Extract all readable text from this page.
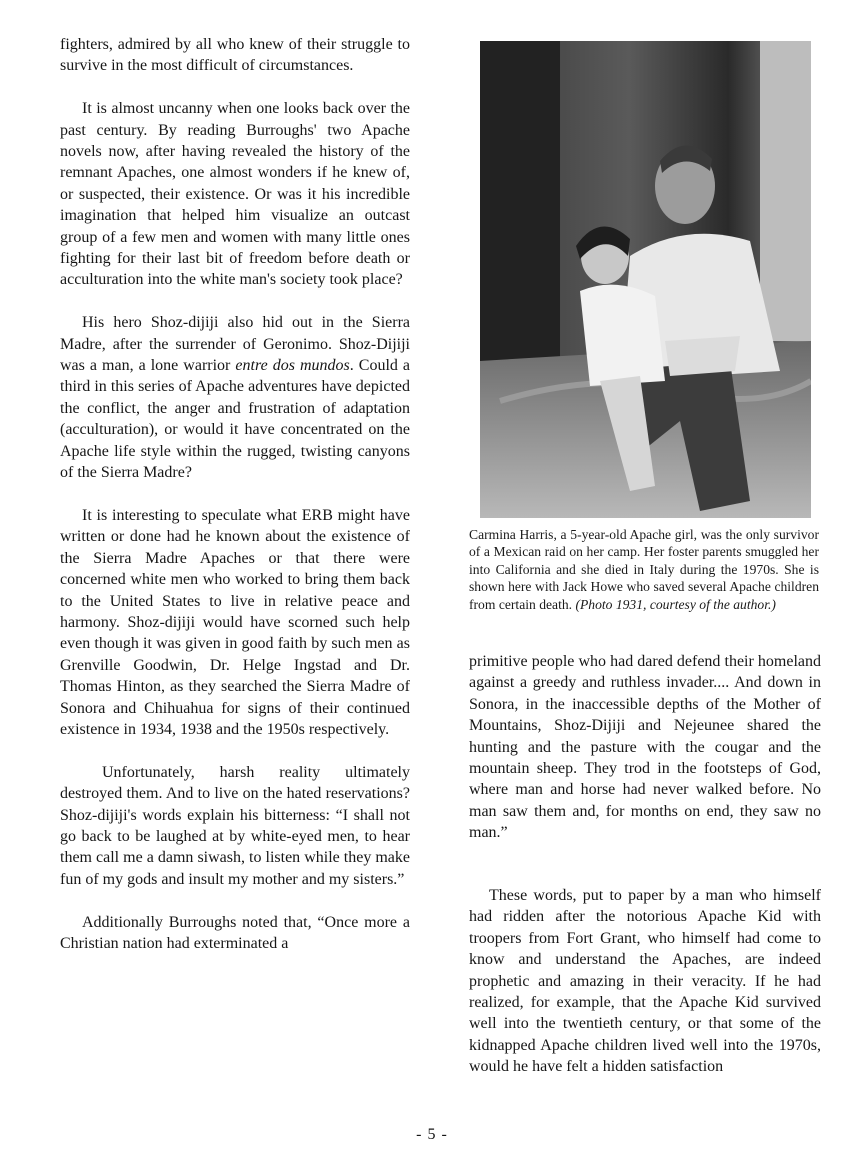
fighters, admired by all who knew of their struggle to survive in the most difficult of circumstances.

It is almost uncanny when one looks back over the past century. By reading Burroughs' two Apache novels now, after having revealed the history of the remnant Apaches, one almost wonders if he knew of, or suspected, their existence. Or was it his incredible imagination that helped him visualize an outcast group of a few men and women with many little ones fighting for their last bit of freedom before death or acculturation into the white man's society took place?

His hero Shoz-dijiji also hid out in the Sierra Madre, after the surrender of Geronimo. Shoz-Dijiji was a man, a lone warrior entre dos mundos. Could a third in this series of Apache adventures have depicted the conflict, the anger and frustration of adaptation (acculturation), or would it have concentrated on the Apache life style within the rugged, twisting canyons of the Sierra Madre?

It is interesting to speculate what ERB might have written or done had he known about the existence of the Sierra Madre Apaches or that there were concerned white men who worked to bring them back to the United States to live in relative peace and harmony. Shoz-dijiji would have scorned such help even though it was given in good faith by such men as Grenville Goodwin, Dr. Helge Ingstad and Dr. Thomas Hinton, as they searched the Sierra Madre of Sonora and Chihuahua for signs of their continued existence in 1934, 1938 and the 1950s respectively.

Unfortunately, harsh reality ultimately destroyed them. And to live on the hated reservations? Shoz-dijiji's words explain his bitterness: “I shall not go back to be laughed at by white-eyed men, to hear them call me a damn siwash, to listen while they make fun of my gods and insult my mother and my sisters.”

Additionally Burroughs noted that, “Once more a Christian nation had exterminated a

Carmina Harris, a 5-year-old Apache girl, was the only survivor of a Mexican raid on her camp. Her foster parents smuggled her into California and she died in Italy during the 1970s. She is shown here with Jack Howe who saved several Apache children from certain death. (Photo 1931, courtesy of the author.)

primitive people who had dared defend their homeland against a greedy and ruthless invader.... And down in Sonora, in the inaccessible depths of the Mother of Mountains, Shoz-Dijiji and Nejeunee shared the hunting and the pasture with the cougar and the mountain sheep. They trod in the footsteps of God, where man and horse had never walked before. No man saw them and, for months on end, they saw no man.”

These words, put to paper by a man who himself had ridden after the notorious Apache Kid with troopers from Fort Grant, who himself had come to know and understand the Apaches, are indeed prophetic and amazing in their veracity. If he had realized, for example, that the Apache Kid survived well into the twentieth century, or that some of the kidnapped Apache children lived well into the 1970s, would he have felt a hidden satisfaction

- 5 -
